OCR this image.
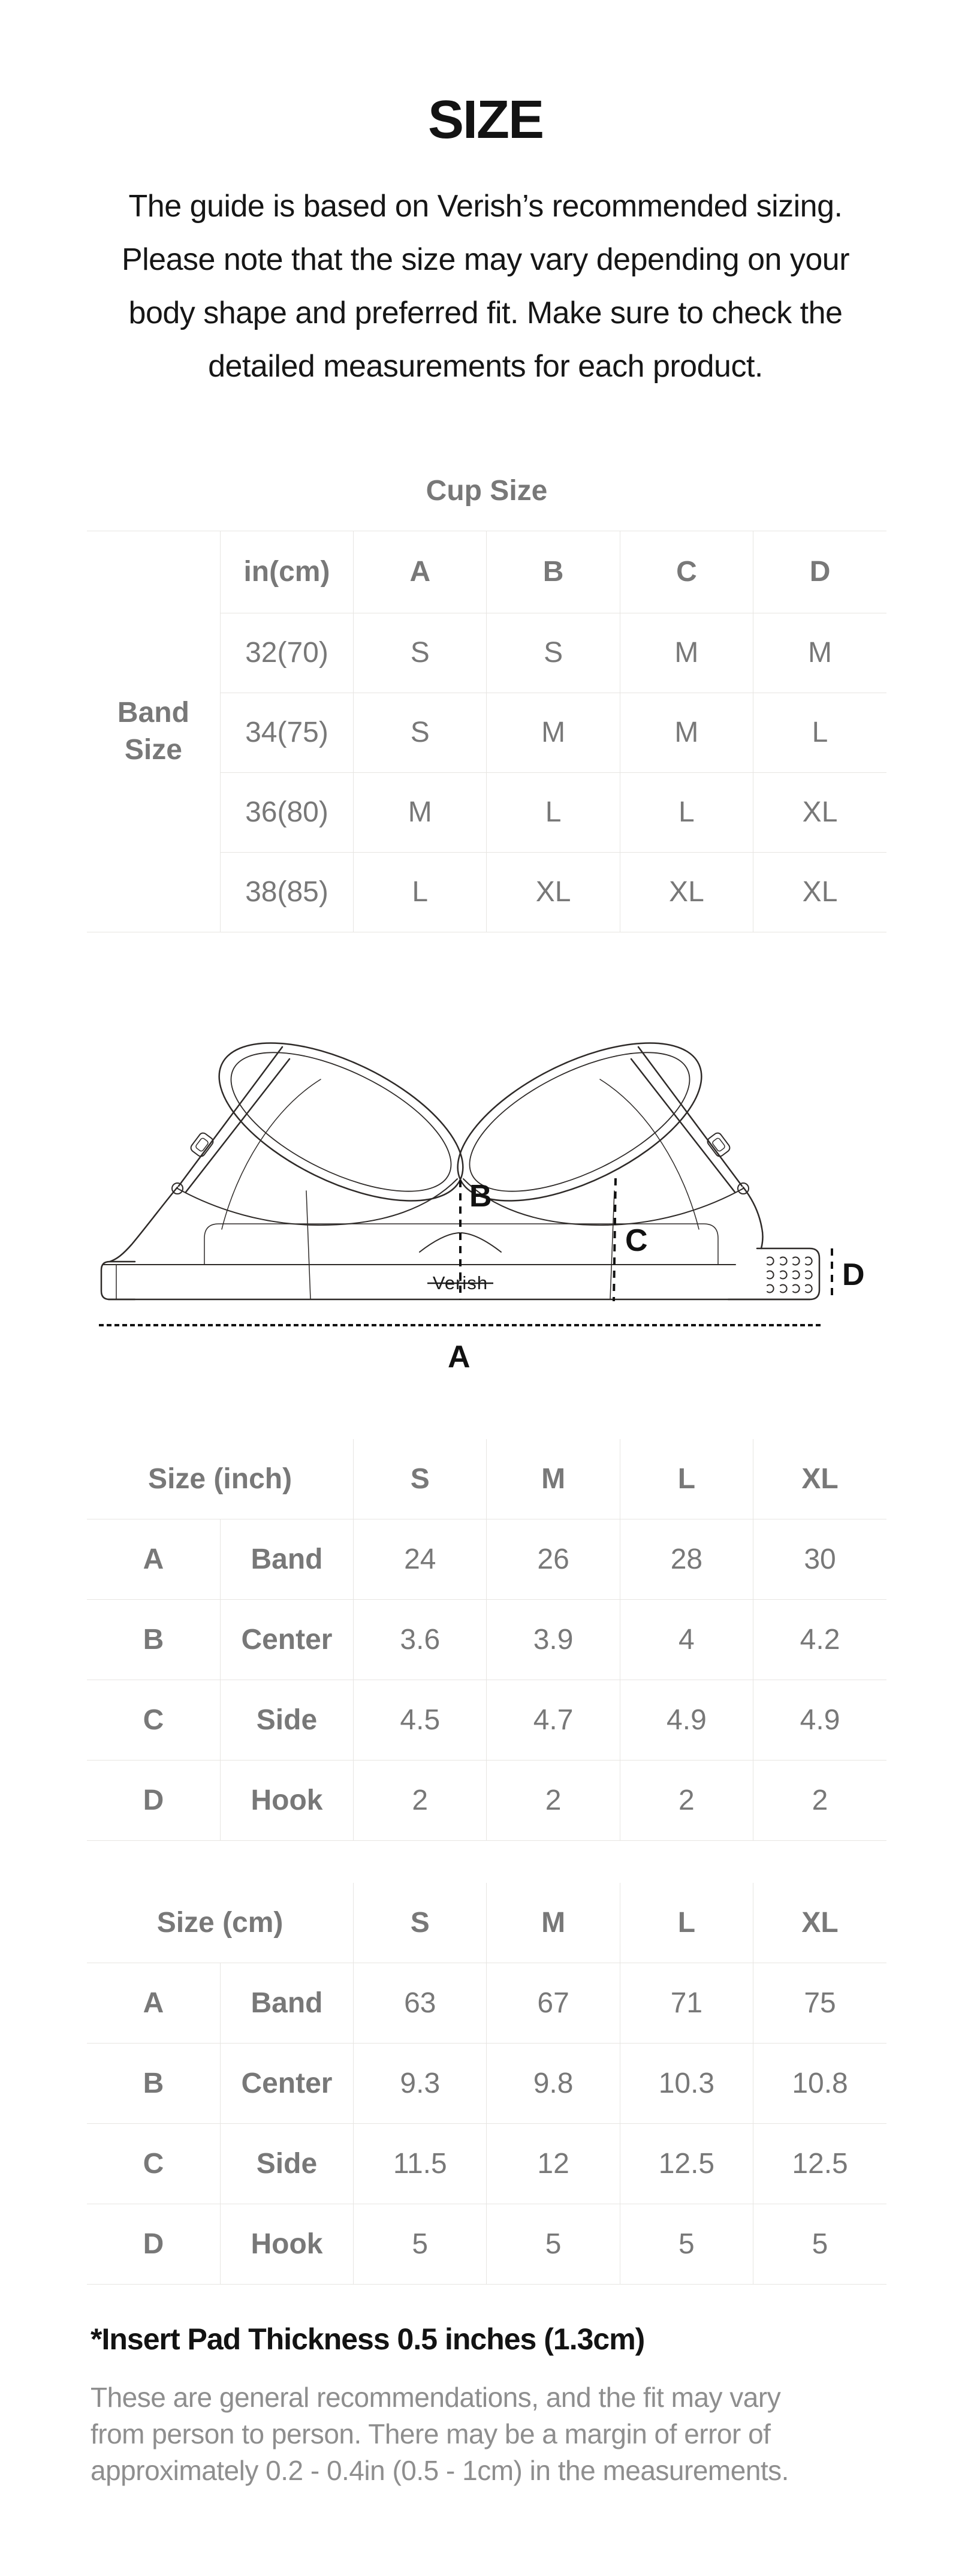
SIZE
The guide is based on Verish’s recommended sizing.
Please note that the size may vary depending on your
body shape and preferred fit. Make sure to check the
detailed measurements for each product.
Cup Size					
Band Size	in(cm)	A	B	C	D
	32(70)	S	S	M	M
	34(75)	S	M	M	L
	36(80)	M	L	L	XL
	38(85)	L	XL	XL	XL
Verish
B
C
D
A
Size (inch)		S	M	L	XL
A	Band	24	26	28	30
B	Center	3.6	3.9	4	4.2
C	Side	4.5	4.7	4.9	4.9
D	Hook	2	2	2	2
Size (cm)		S	M	L	XL
A	Band	63	67	71	75
B	Center	9.3	9.8	10.3	10.8
C	Side	11.5	12	12.5	12.5
D	Hook	5	5	5	5
*Insert Pad Thickness 0.5 inches (1.3cm)
These are general recommendations, and the fit may vary
from person to person. There may be a margin of error of
approximately 0.2 - 0.4in (0.5 - 1cm) in the measurements.
